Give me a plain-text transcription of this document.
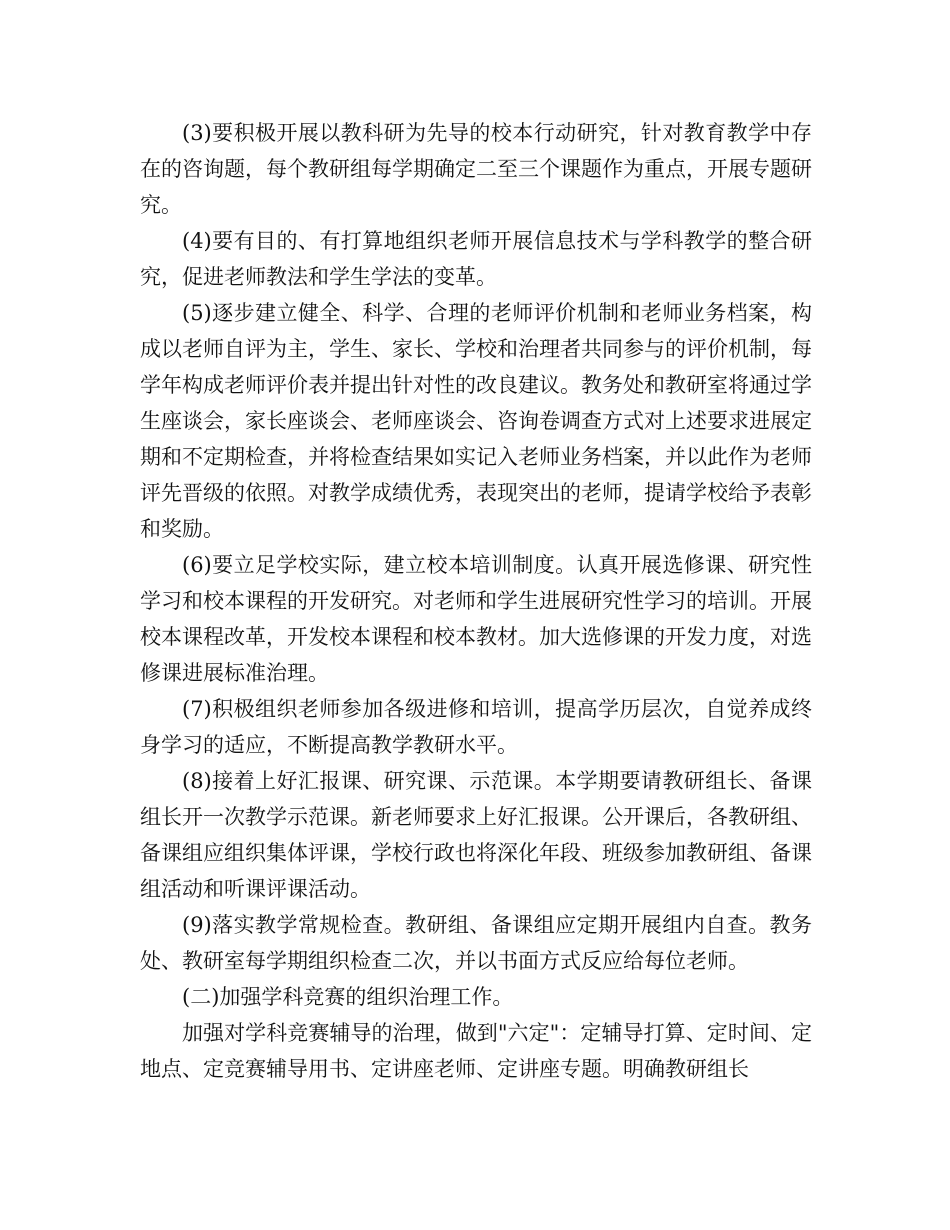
(3)要积极开展以教科研为先导的校本行动研究，针对教育教学中存在的咨询题，每个教研组每学期确定二至三个课题作为重点，开展专题研究。

(4)要有目的、有打算地组织老师开展信息技术与学科教学的整合研究，促进老师教法和学生学法的变革。

(5)逐步建立健全、科学、合理的老师评价机制和老师业务档案，构成以老师自评为主，学生、家长、学校和治理者共同参与的评价机制，每学年构成老师评价表并提出针对性的改良建议。教务处和教研室将通过学生座谈会，家长座谈会、老师座谈会、咨询卷调查方式对上述要求进展定期和不定期检查，并将检查结果如实记入老师业务档案，并以此作为老师评先晋级的依照。对教学成绩优秀，表现突出的老师，提请学校给予表彰和奖励。

(6)要立足学校实际，建立校本培训制度。认真开展选修课、研究性学习和校本课程的开发研究。对老师和学生进展研究性学习的培训。开展校本课程改革，开发校本课程和校本教材。加大选修课的开发力度，对选修课进展标准治理。

(7)积极组织老师参加各级进修和培训，提高学历层次，自觉养成终身学习的适应，不断提高教学教研水平。

(8)接着上好汇报课、研究课、示范课。本学期要请教研组长、备课组长开一次教学示范课。新老师要求上好汇报课。公开课后，各教研组、备课组应组织集体评课，学校行政也将深化年段、班级参加教研组、备课组活动和听课评课活动。

(9)落实教学常规检查。教研组、备课组应定期开展组内自查。教务处、教研室每学期组织检查二次，并以书面方式反应给每位老师。

(二)加强学科竞赛的组织治理工作。

加强对学科竞赛辅导的治理，做到"六定"：定辅导打算、定时间、定地点、定竞赛辅导用书、定讲座老师、定讲座专题。明确教研组长
